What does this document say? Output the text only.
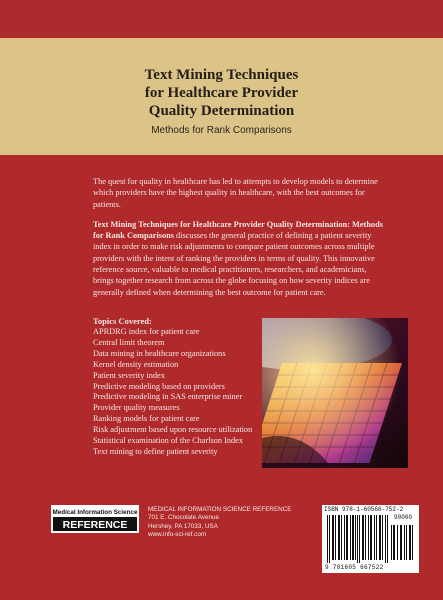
Text Mining Techniques
for Healthcare Provider
Quality Determination
Methods for Rank Comparisons

The quest for quality in healthcare has led to attempts to develop models to determine which providers have the highest quality in healthcare, with the best outcomes for patients.

Text Mining Techniques for Healthcare Provider Quality Determination: Methods for Rank Comparisons discusses the general practice of defining a patient severity index in order to make risk adjustments to compare patient outcomes across multiple providers with the intent of ranking the providers in terms of quality. This innovative reference source, valuable to medical practitioners, researchers, and academicians, brings together research from across the globe focusing on how severity indices are generally defined when determining the best outcome for patient care.

Topics Covered:
APRDRG index for patient care
Central limit theorem
Data mining in healthcare organizations
Kernel density estimation
Patient severity index
Predictive modeling based on providers
Predictive modeling in SAS enterprise miner
Provider quality measures
Ranking models for patient care
Risk adjustment based upon resource utilization
Statistical examination of the Charlson Index
Text mining to define patient severity
Medical Information Science
REFERENCE
MEDICAL INFORMATION SCIENCE REFERENCE
701 E. Chocolate Avenue
Hershey, PA 17033, USA
www.info-sci-ref.com
ISBN 978-1-60566-752-2
90000
9 781605 667522
